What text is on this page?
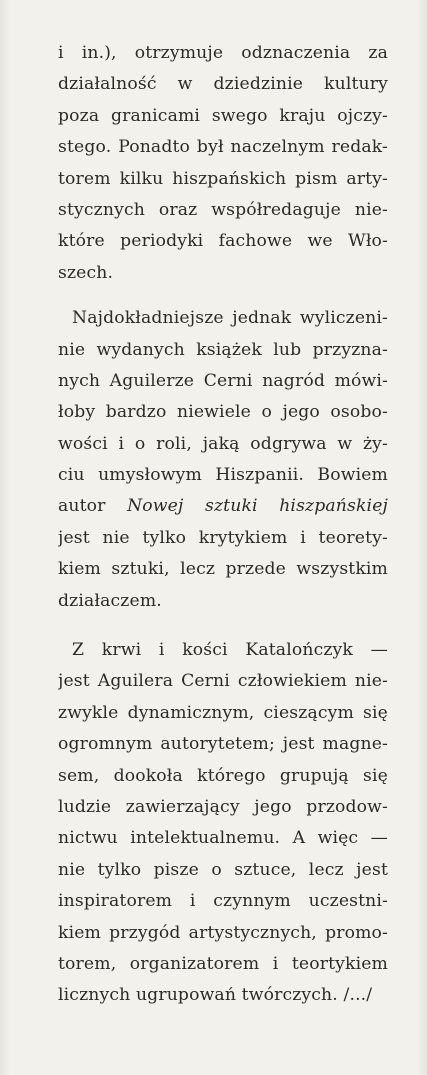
i in.), otrzymuje odznaczenia za
działalność w dziedzinie kultury
poza granicami swego kraju ojczy-
stego. Ponadto był naczelnym redak-
torem kilku hiszpańskich pism arty-
stycznych oraz współredaguje nie-
które periodyki fachowe we Wło-
szech.
Najdokładniejsze jednak wyliczeni-
nie wydanych książek lub przyzna-
nych Aguilerze Cerni nagród mówi-
łoby bardzo niewiele o jego osobo-
wości i o roli, jaką odgrywa w ży-
ciu umysłowym Hiszpanii. Bowiem
autor Nowej sztuki hiszpańskiej
jest nie tylko krytykiem i teorety-
kiem sztuki, lecz przede wszystkim
działaczem.
Z krwi i kości Katalończyk —
jest Aguilera Cerni człowiekiem nie-
zwykle dynamicznym, cieszącym się
ogromnym autorytetem; jest magne-
sem, dookoła którego grupują się
ludzie zawierzający jego przodow-
nictwu intelektualnemu. A więc —
nie tylko pisze o sztuce, lecz jest
inspiratorem i czynnym uczestni-
kiem przygód artystycznych, promo-
torem, organizatorem i teortykiem
licznych ugrupowań twórczych. /.../
